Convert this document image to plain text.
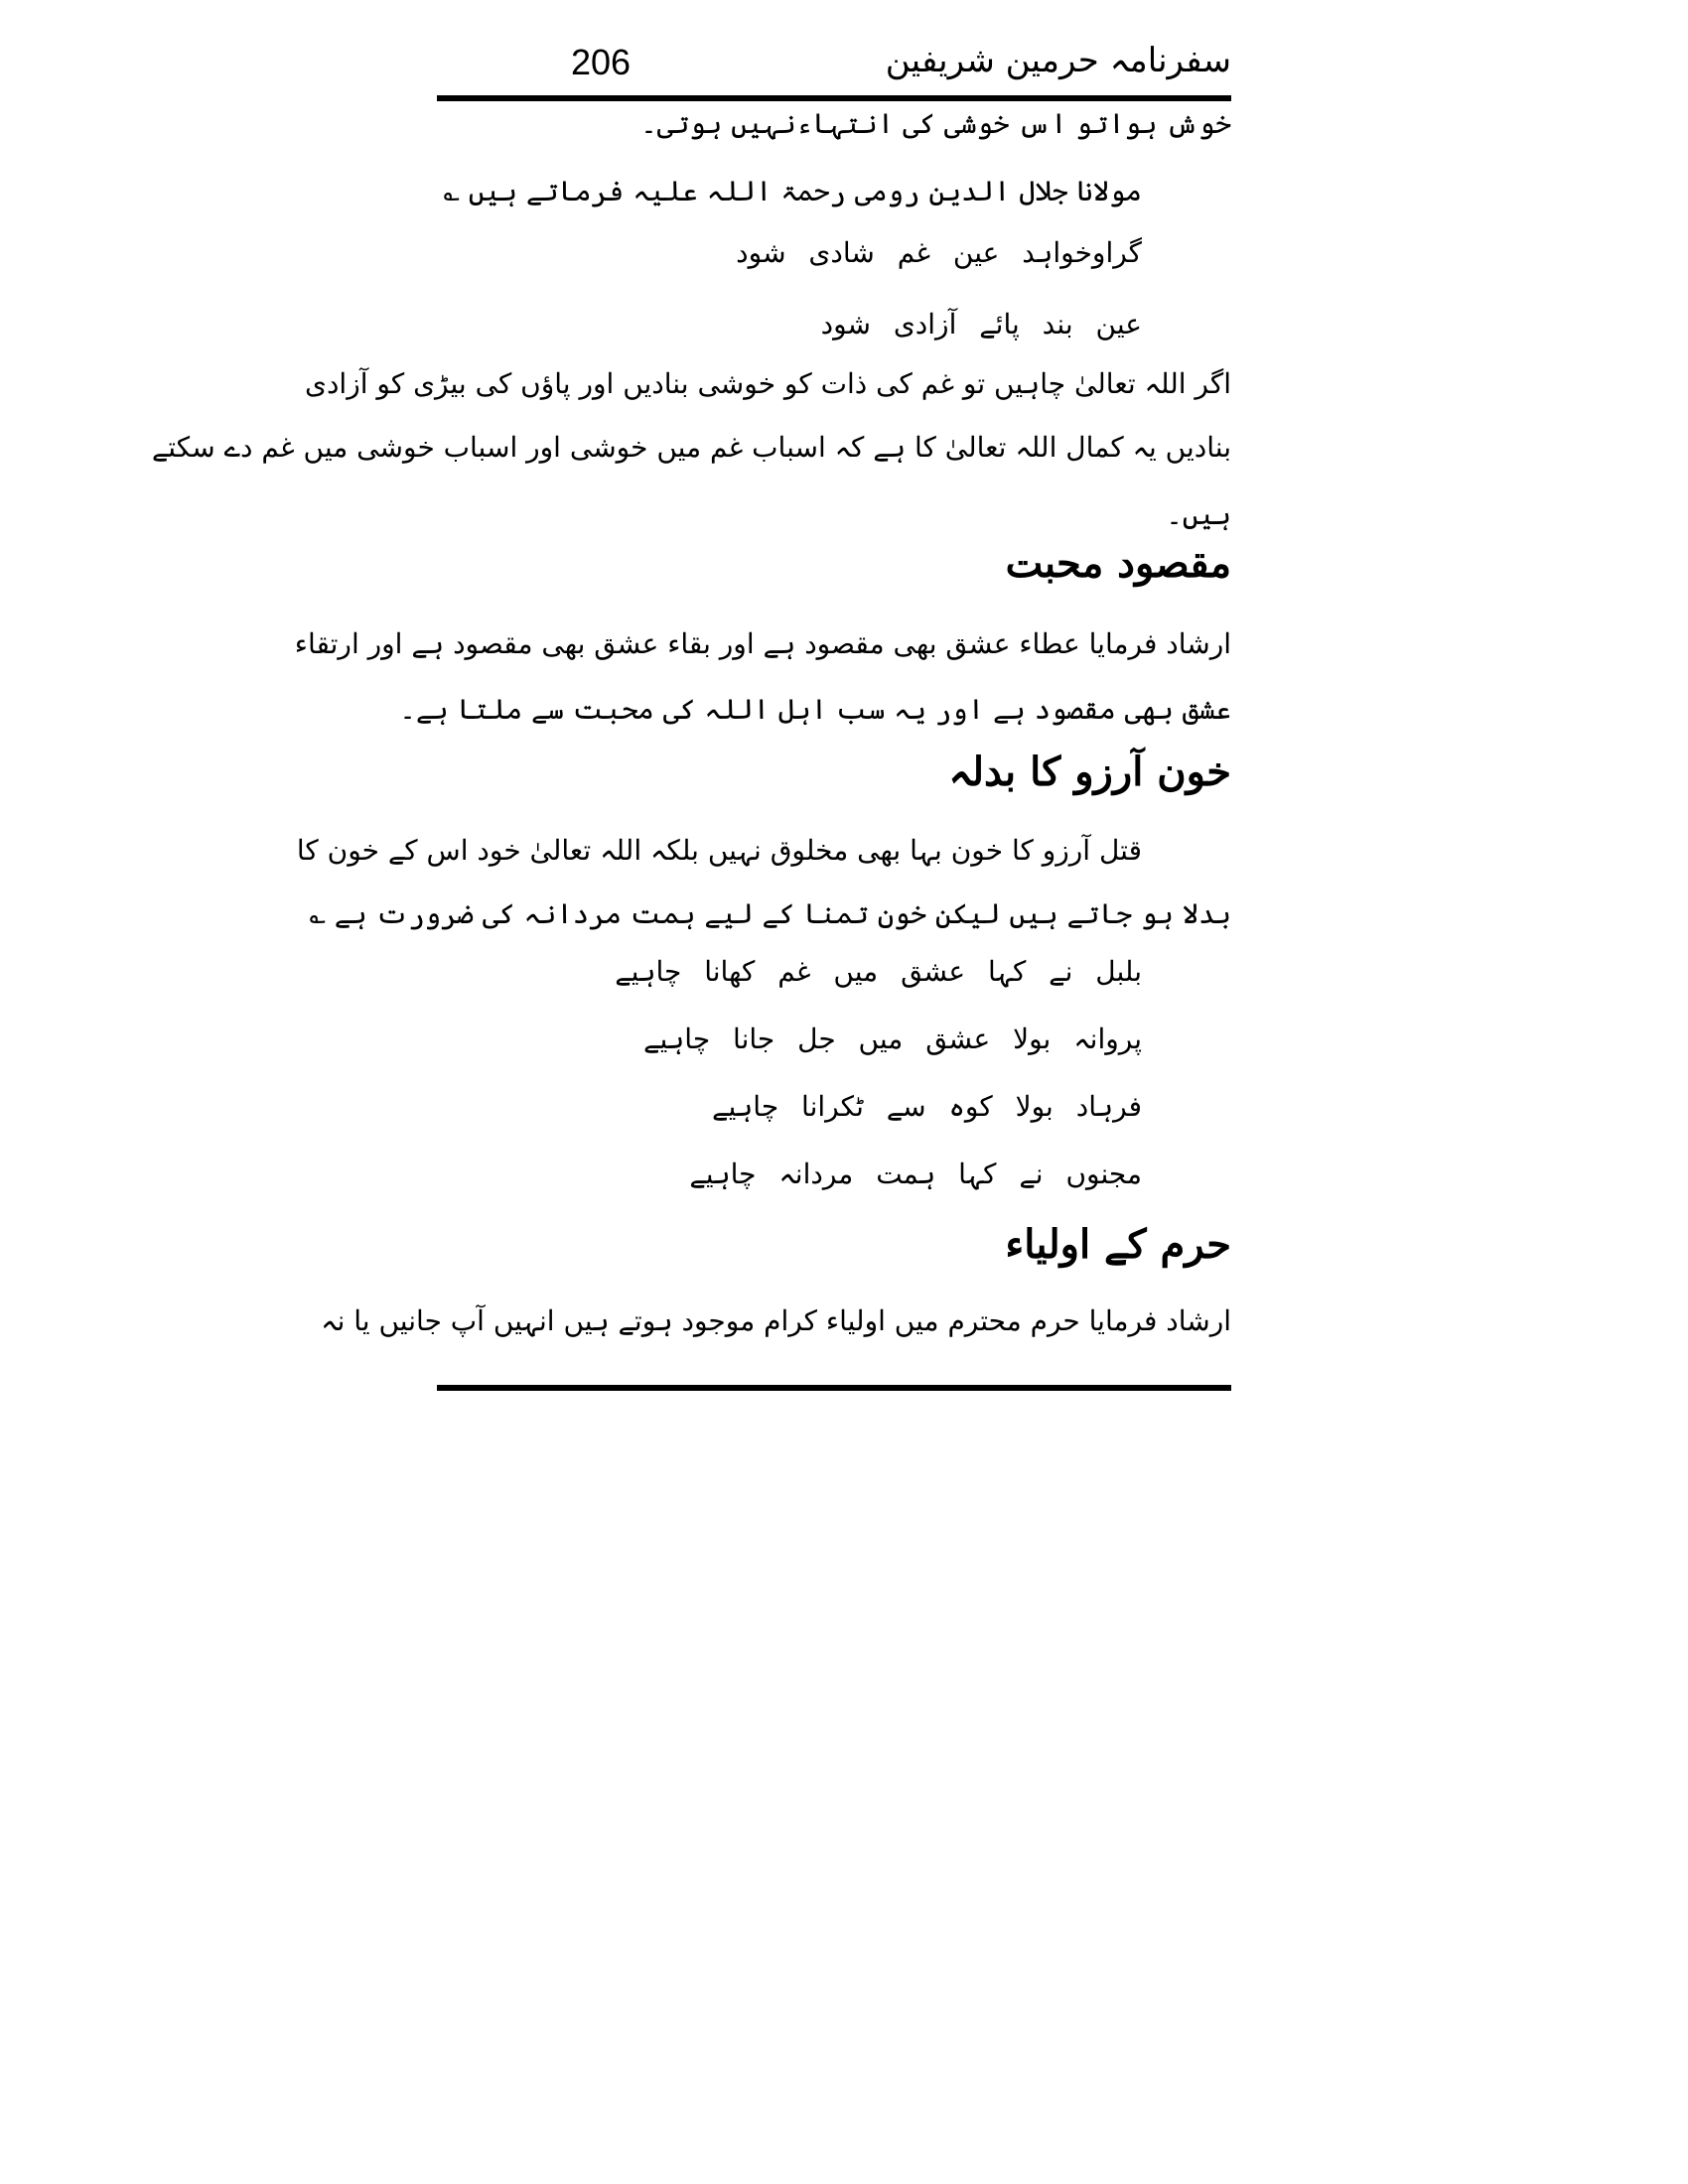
سفرنامہ حرمین شریفین
206
خوش ہواتو اس خوشی کی انتہاءنہیں ہوتی۔
مولانا جلال الدین رومی رحمۃ اللہ علیہ فرماتے ہیں ؎
گراوخواہد عین غم شادی شود
عین بند پائے آزادی شود
اگر اللہ تعالیٰ چاہیں تو غم کی ذات کو خوشی بنادیں اور پاؤں کی بیڑی کو آزادی
بنادیں یہ کمال اللہ تعالیٰ کا ہے کہ اسباب غم میں خوشی اور اسباب خوشی میں غم دے سکتے
ہیں۔
مقصود محبت
ارشاد فرمایا عطاء عشق بھی مقصود ہے اور بقاء عشق بھی مقصود ہے اور ارتقاء
عشق بھی مقصود ہے اور یہ سب اہل اللہ کی محبت سے ملتا ہے۔
خون آرزو کا بدلہ
قتل آرزو کا خون بہا بھی مخلوق نہیں بلکہ اللہ تعالیٰ خود اس کے خون کا
بدلا ہو جاتے ہیں لیکن خون تمنا کے لیے ہمت مردانہ کی ضرورت ہے ؎
بلبل نے کہا عشق میں غم کھانا چاہیے
پروانہ بولا عشق میں جل جانا چاہیے
فرہاد بولا کوہ سے ٹکرانا چاہیے
مجنوں نے کہا ہمت مردانہ چاہیے
حرم کے اولیاء
ارشاد فرمایا حرم محترم میں اولیاء کرام موجود ہوتے ہیں انہیں آپ جانیں یا نہ
